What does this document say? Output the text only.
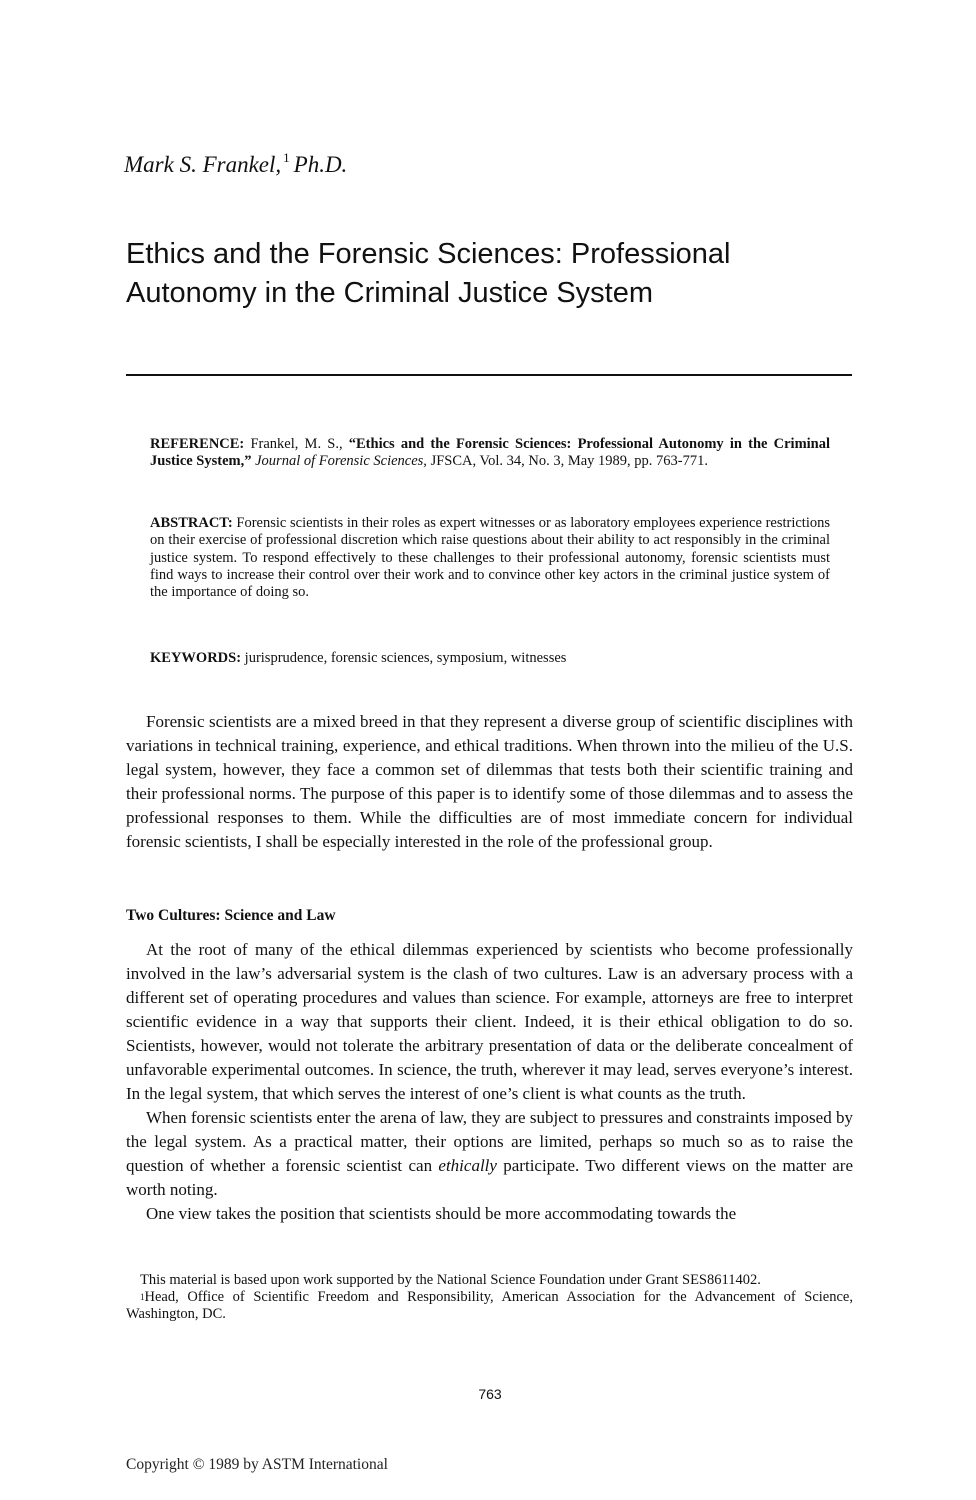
Mark S. Frankel, $^1$ Ph.D.
Ethics and the Forensic Sciences: Professional
Autonomy in the Criminal Justice System
REFERENCE: Frankel, M. S., “Ethics and the Forensic Sciences: Professional Autonomy in the Criminal Justice System,” Journal of Forensic Sciences, JFSCA, Vol. 34, No. 3, May 1989, pp. 763-771.
ABSTRACT: Forensic scientists in their roles as expert witnesses or as laboratory employees experience restrictions on their exercise of professional discretion which raise questions about their ability to act responsibly in the criminal justice system. To respond effectively to these challenges to their professional autonomy, forensic scientists must find ways to increase their control over their work and to convince other key actors in the criminal justice system of the importance of doing so.
KEYWORDS: jurisprudence, forensic sciences, symposium, witnesses

Forensic scientists are a mixed breed in that they represent a diverse group of scientific disciplines with variations in technical training, experience, and ethical traditions. When thrown into the milieu of the U.S. legal system, however, they face a common set of dilemmas that tests both their scientific training and their professional norms. The purpose of this paper is to identify some of those dilemmas and to assess the professional responses to them. While the difficulties are of most immediate concern for individual forensic scientists, I shall be especially interested in the role of the professional group.

Two Cultures: Science and Law

At the root of many of the ethical dilemmas experienced by scientists who become professionally involved in the law’s adversarial system is the clash of two cultures. Law is an adversary process with a different set of operating procedures and values than science. For example, attorneys are free to interpret scientific evidence in a way that supports their client. Indeed, it is their ethical obligation to do so. Scientists, however, would not tolerate the arbitrary presentation of data or the deliberate concealment of unfavorable experimental outcomes. In science, the truth, wherever it may lead, serves everyone’s interest. In the legal system, that which serves the interest of one’s client is what counts as the truth.

When forensic scientists enter the arena of law, they are subject to pressures and constraints imposed by the legal system. As a practical matter, their options are limited, perhaps so much so as to raise the question of whether a forensic scientist can ethically participate. Two different views on the matter are worth noting.

One view takes the position that scientists should be more accommodating towards the

This material is based upon work supported by the National Science Foundation under Grant SES8611402.

$^1$Head, Office of Scientific Freedom and Responsibility, American Association for the Advancement of Science, Washington, DC.

763
Copyright © 1989 by ASTM International
